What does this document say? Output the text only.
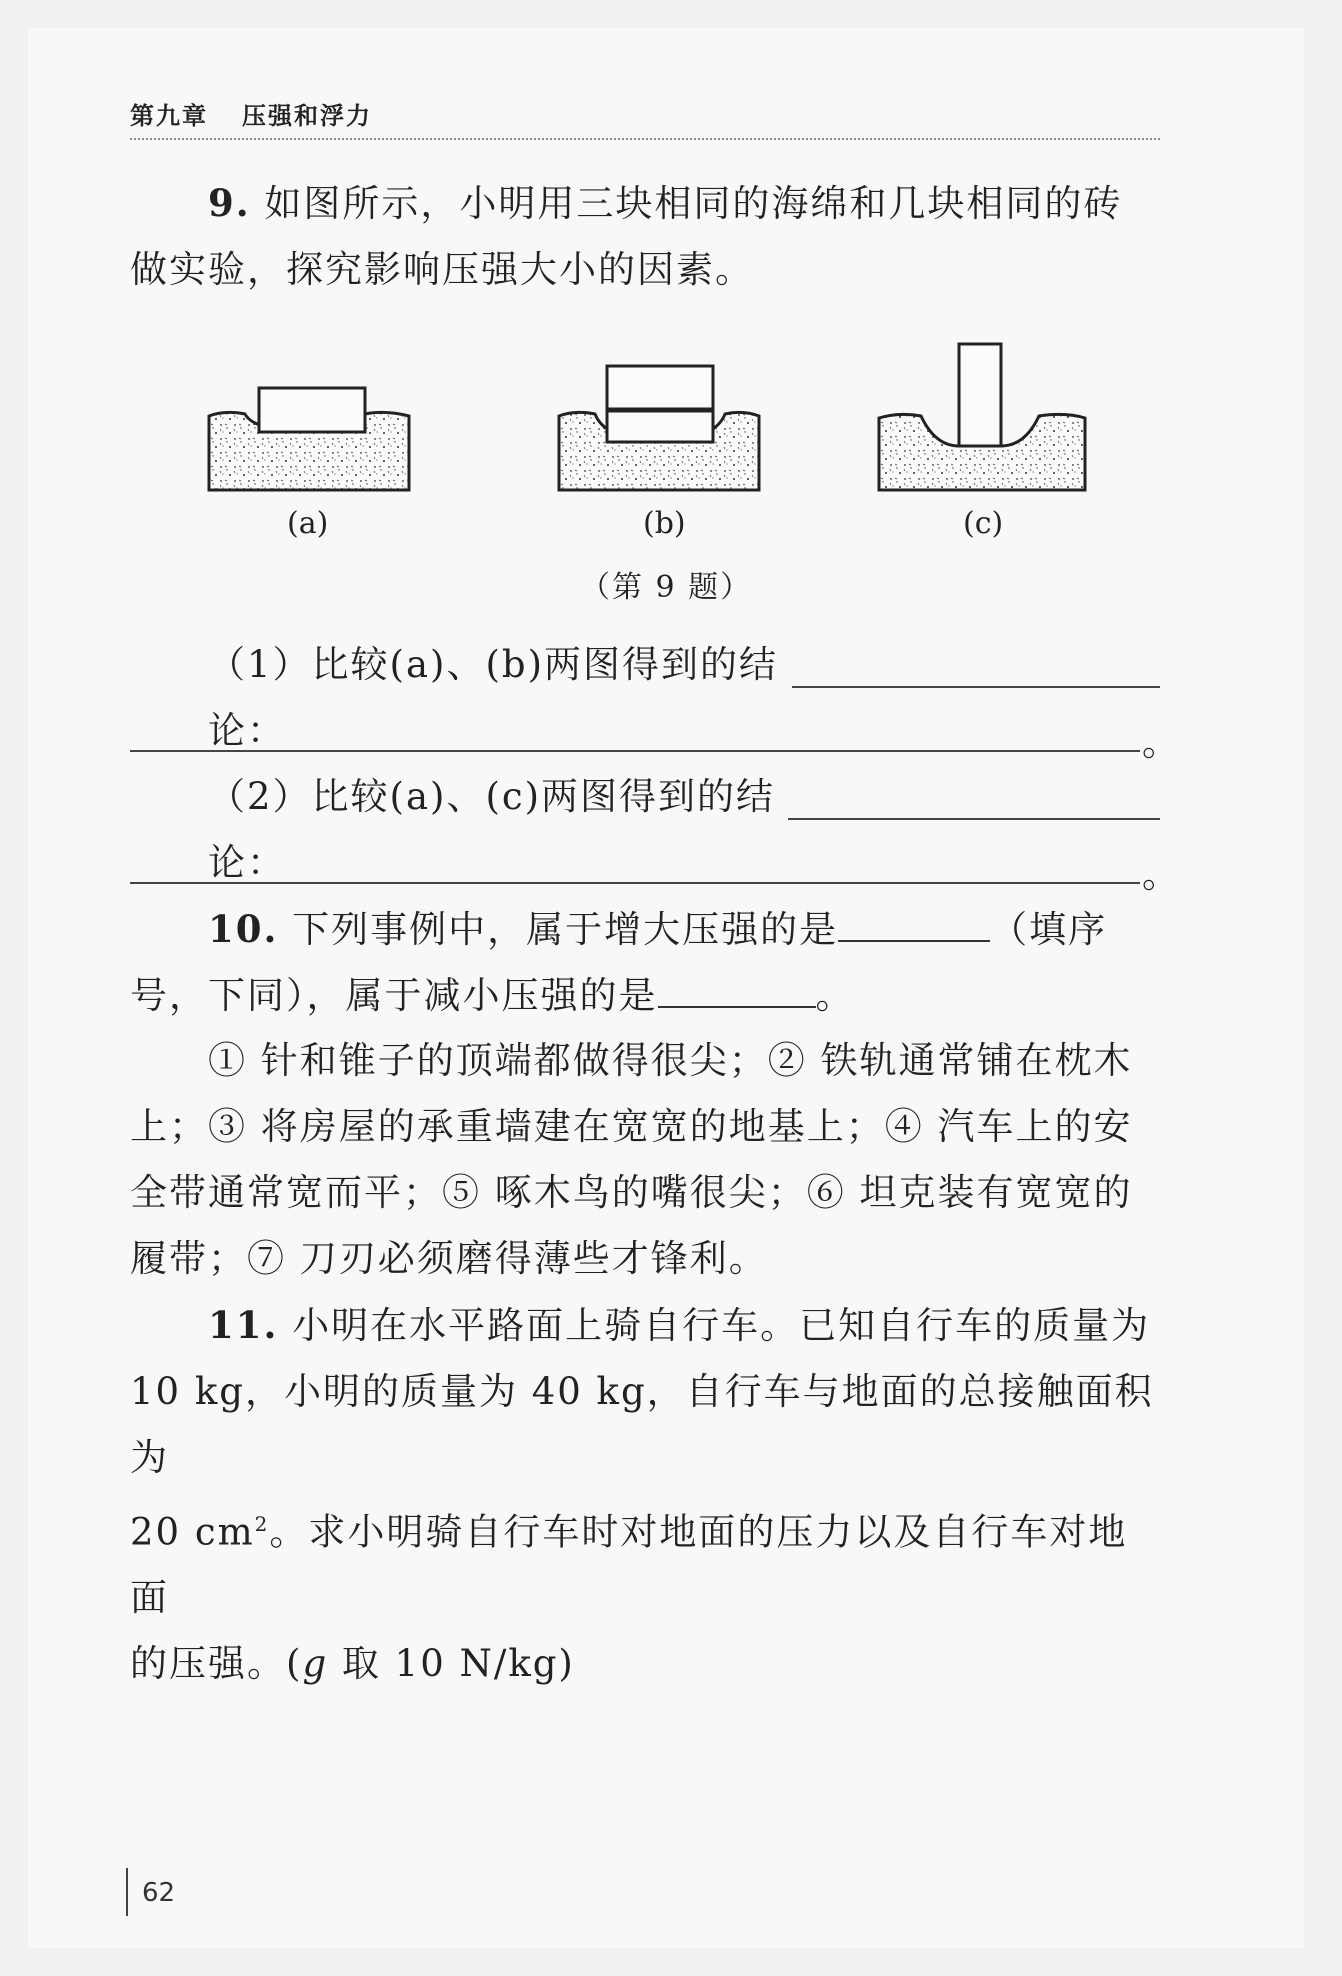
第九章 压强和浮力
9. 如图所示，小明用三块相同的海绵和几块相同的砖做实验，探究影响压强大小的因素。
(a)	(b)	(c)
（第 9 题）
（1）比较(a)、(b)两图得到的结论：	。
（2）比较(a)、(c)两图得到的结论：	。
10. 下列事例中，属于增大压强的是	（填序号，下同），属于减小压强的是	。
① 针和锥子的顶端都做得很尖；② 铁轨通常铺在枕木上；③ 将房屋的承重墙建在宽宽的地基上；④ 汽车上的安全带通常宽而平；⑤ 啄木鸟的嘴很尖；⑥ 坦克装有宽宽的履带；⑦ 刀刃必须磨得薄些才锋利。
11. 小明在水平路面上骑自行车。已知自行车的质量为
10 kg，小明的质量为 40 kg，自行车与地面的总接触面积为
20 $cm^2$。求小明骑自行车时对地面的压力以及自行车对地面
的压强。(g 取 10 N/kg)
62
